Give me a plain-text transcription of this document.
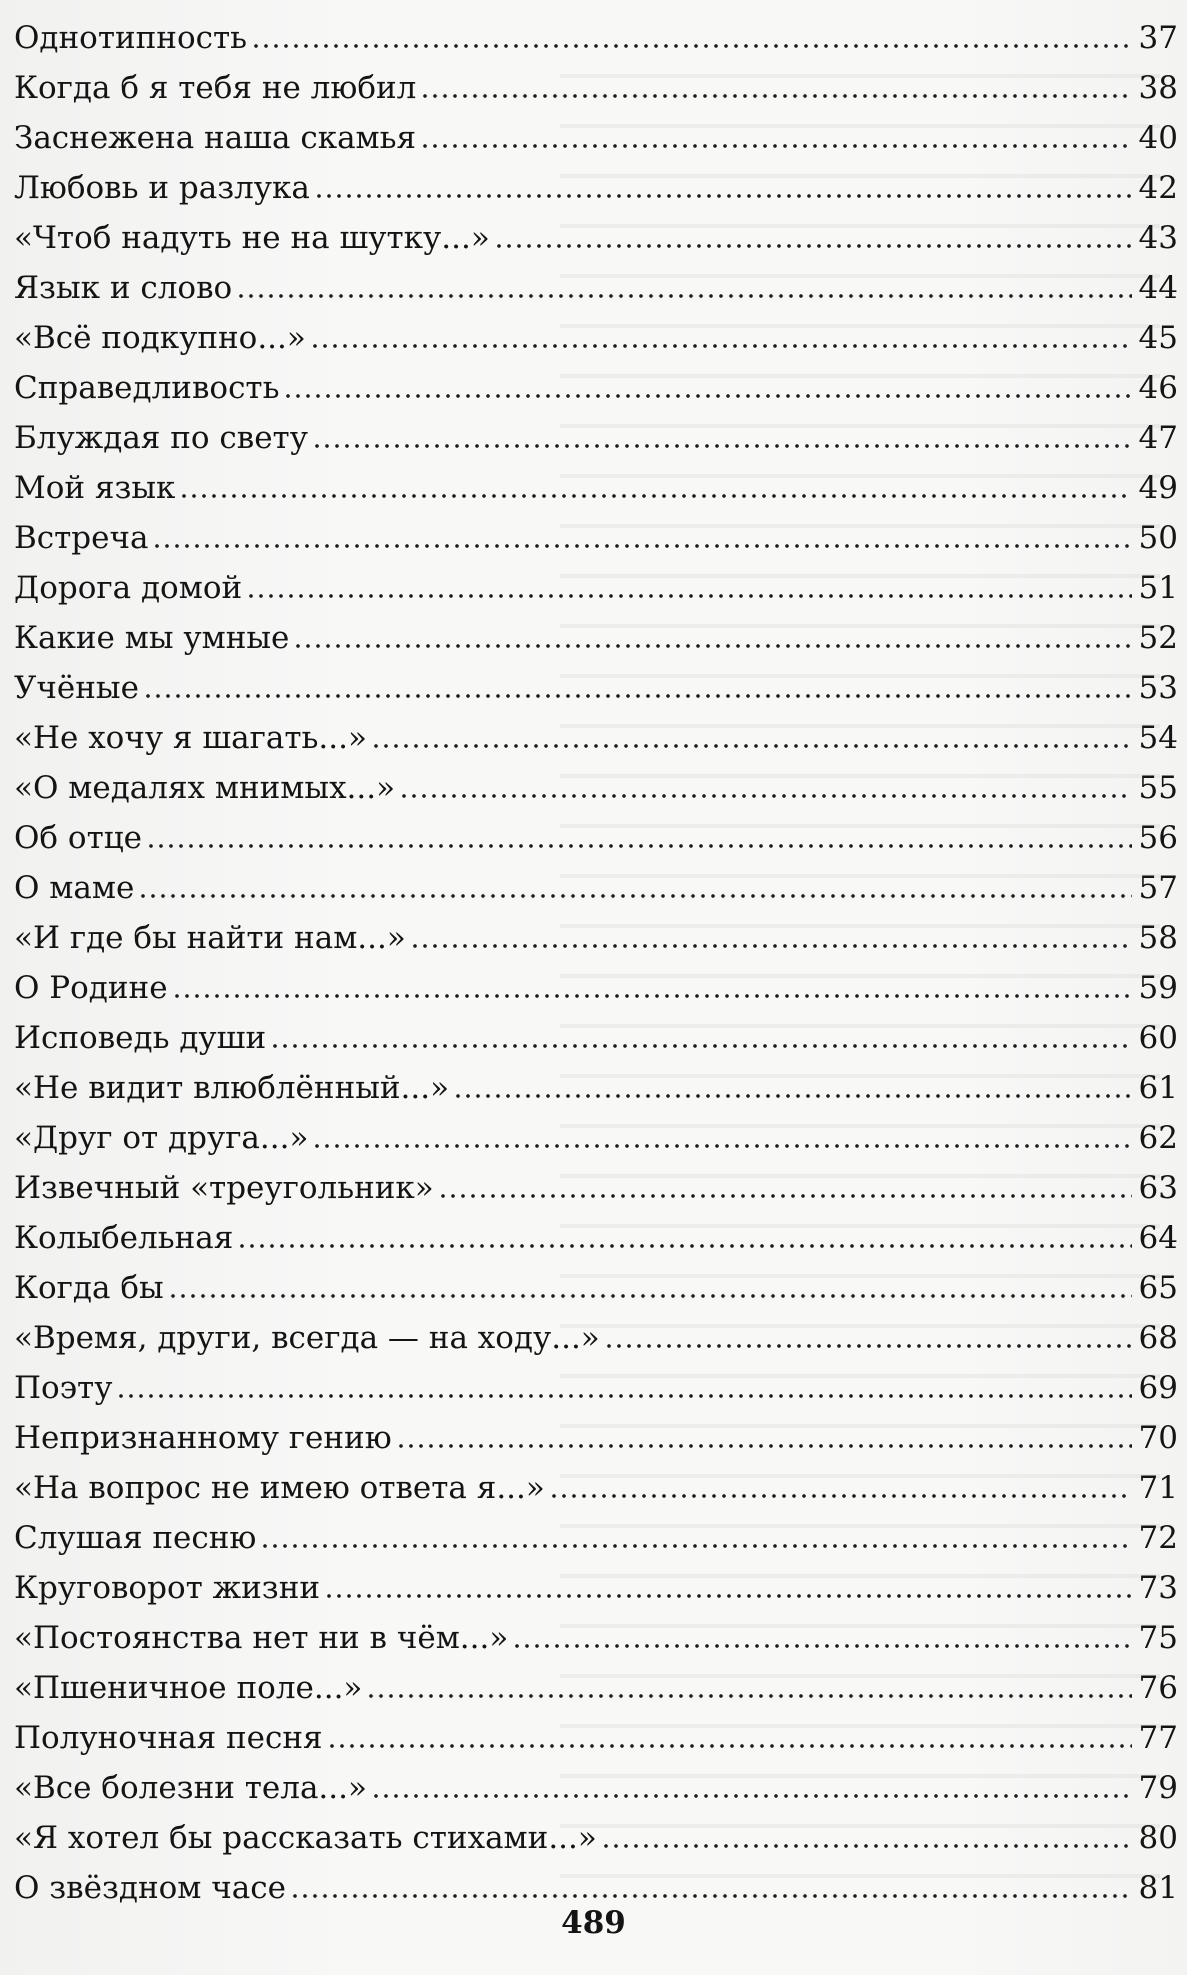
Однотипность	37
Когда б я тебя не любил	38
Заснежена наша скамья	40
Любовь и разлука	42
«Чтоб надуть не на шутку...»	43
Язык и слово	44
«Всё подкупно...»	45
Справедливость	46
Блуждая по свету	47
Мой язык	49
Встреча	50
Дорога домой	51
Какие мы умные	52
Учёные	53
«Не хочу я шагать...»	54
«О медалях мнимых...»	55
Об отце	56
О маме	57
«И где бы найти нам...»	58
О Родине	59
Исповедь души	60
«Не видит влюблённый...»	61
«Друг от друга...»	62
Извечный «треугольник»	63
Колыбельная	64
Когда бы	65
«Время, други, всегда — на ходу...»	68
Поэту	69
Непризнанному гению	70
«На вопрос не имею ответа я...»	71
Слушая песню	72
Круговорот жизни	73
«Постоянства нет ни в чём...»	75
«Пшеничное поле...»	76
Полуночная песня	77
«Все болезни тела...»	79
«Я хотел бы рассказать стихами...»	80
О звёздном часе	81
489
